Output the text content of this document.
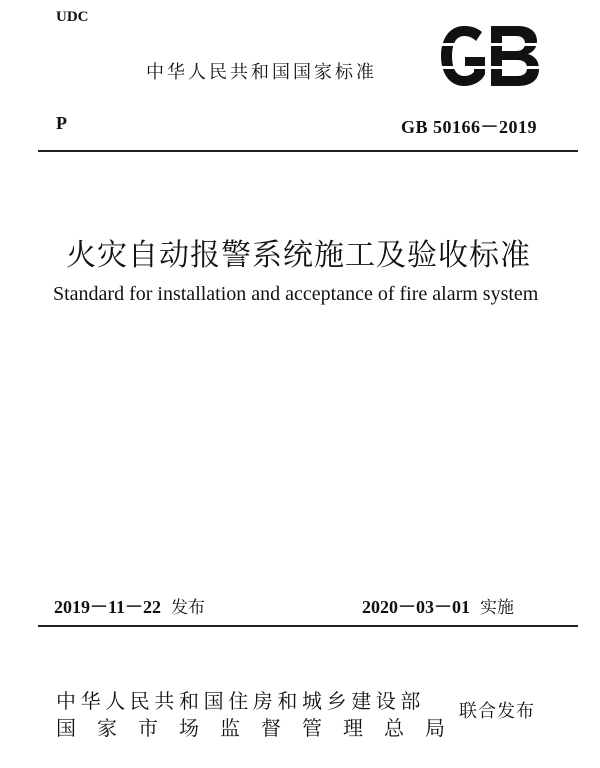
UDC
中华人民共和国国家标准
P	GB 50166－2019
火灾自动报警系统施工及验收标准
Standard for installation and acceptance of fire alarm system
2019－11－22 发布	2020－03－01 实施
中华人民共和国住房和城乡建设部
国家市场监督管理总局
联合发布
